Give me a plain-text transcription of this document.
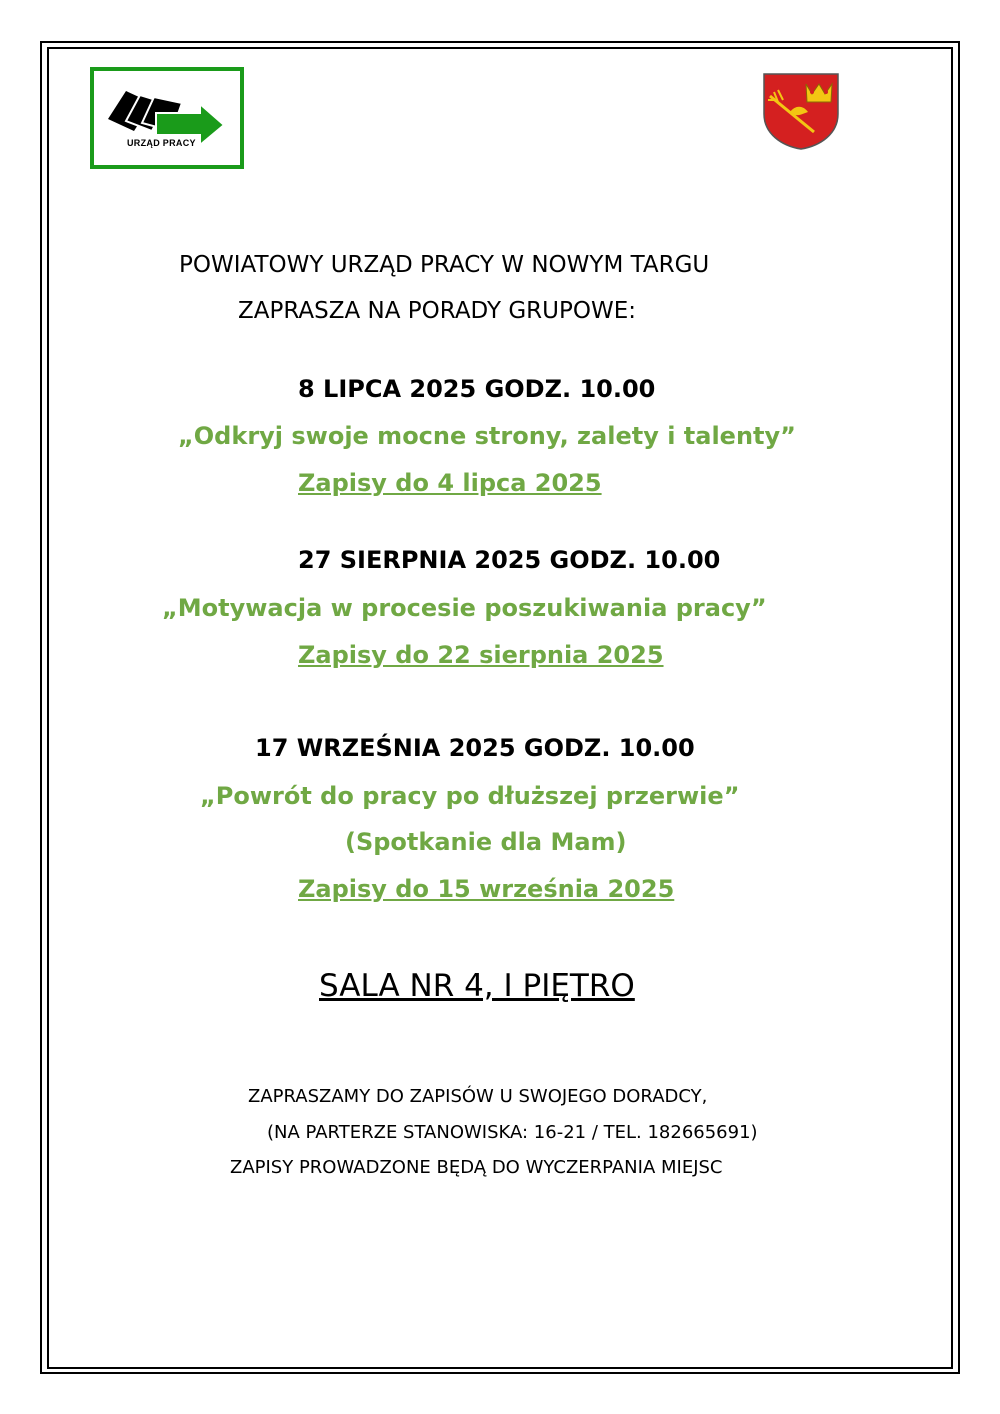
URZĄD PRACY
POWIATOWY URZĄD PRACY W NOWYM TARGU
ZAPRASZA NA PORADY GRUPOWE:
8 LIPCA 2025 GODZ. 10.00
„Odkryj swoje mocne strony, zalety i talenty”
Zapisy do 4 lipca 2025
27 SIERPNIA 2025 GODZ. 10.00
„Motywacja w procesie poszukiwania pracy”
Zapisy do 22 sierpnia 2025
17 WRZEŚNIA 2025 GODZ. 10.00
„Powrót do pracy po dłuższej przerwie”
(Spotkanie dla Mam)
Zapisy do 15 września 2025
SALA NR 4, I PIĘTRO
ZAPRASZAMY DO ZAPISÓW U SWOJEGO DORADCY,
(NA PARTERZE STANOWISKA: 16-21 / TEL. 182665691)
ZAPISY PROWADZONE BĘDĄ DO WYCZERPANIA MIEJSC
